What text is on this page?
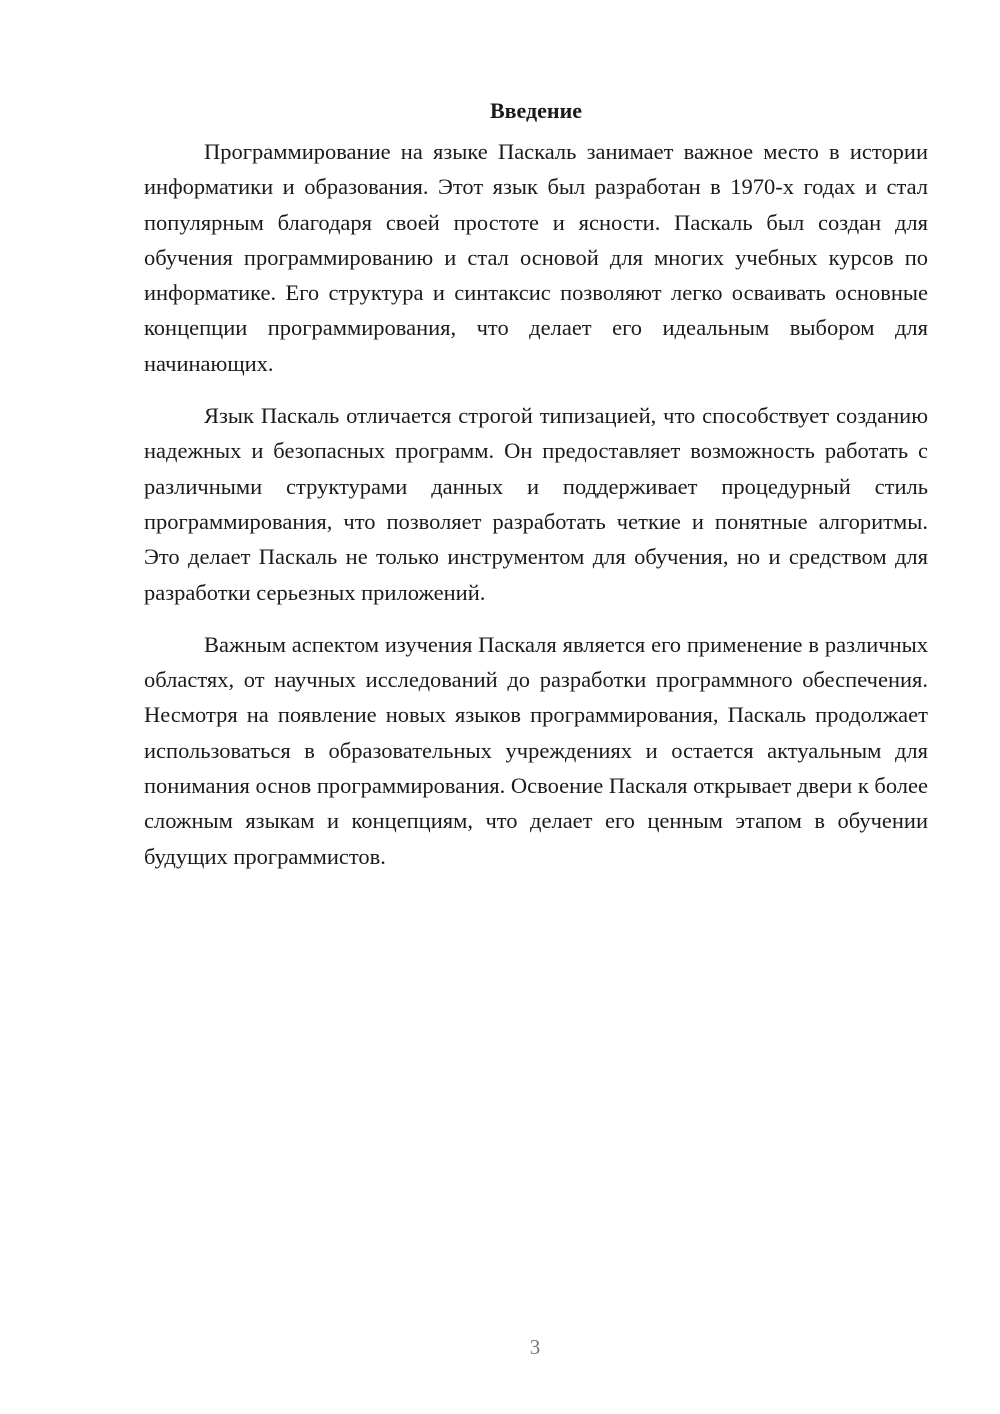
Введение

Программирование на языке Паскаль занимает важное место в истории информатики и образования. Этот язык был разработан в 1970-х годах и стал популярным благодаря своей простоте и ясности. Паскаль был создан для обучения программированию и стал основой для многих учебных курсов по информатике. Его структура и синтаксис позволяют легко осваивать основные концепции программирования, что делает его идеальным выбором для начинающих.

Язык Паскаль отличается строгой типизацией, что способствует созданию надежных и безопасных программ. Он предоставляет возможность работать с различными структурами данных и поддерживает процедурный стиль программирования, что позволяет разработать четкие и понятные алгоритмы. Это делает Паскаль не только инструментом для обучения, но и средством для разработки серьезных приложений.

Важным аспектом изучения Паскаля является его применение в различных областях, от научных исследований до разработки программного обеспечения. Несмотря на появление новых языков программирования, Паскаль продолжает использоваться в образовательных учреждениях и остается актуальным для понимания основ программирования. Освоение Паскаля открывает двери к более сложным языкам и концепциям, что делает его ценным этапом в обучении будущих программистов.

3
